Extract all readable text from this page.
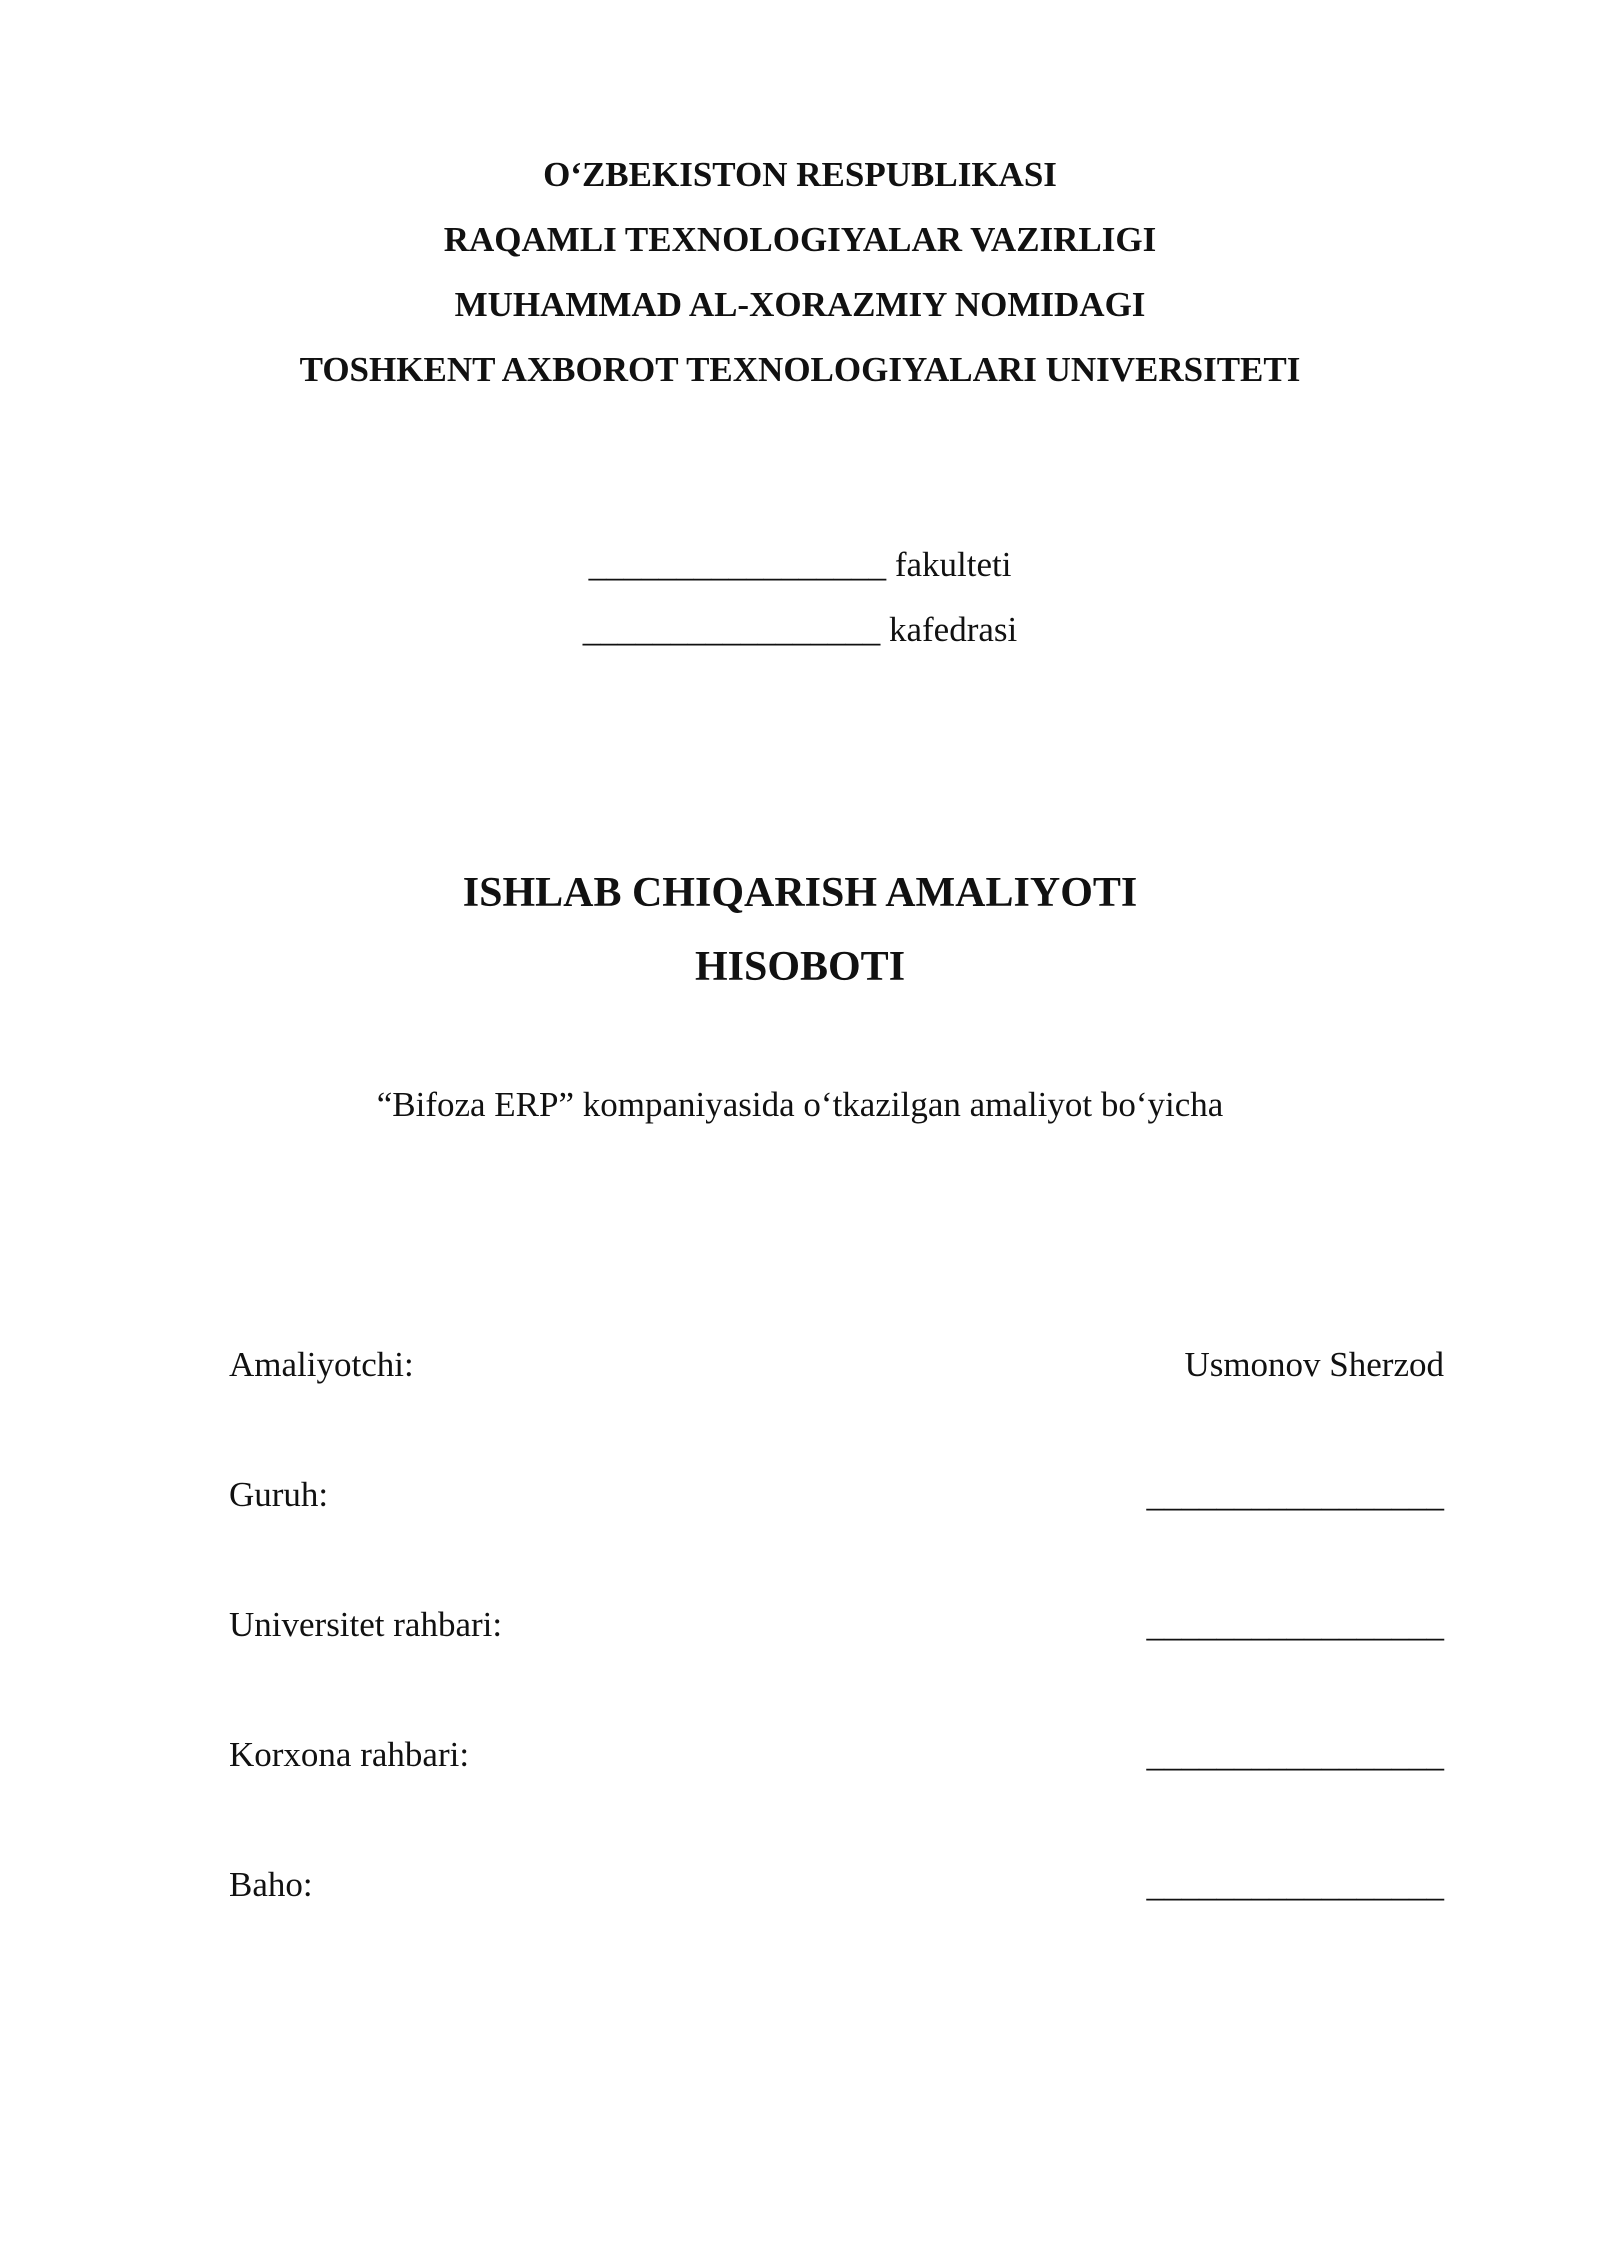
O‘ZBEKISTON RESPUBLIKASI
RAQAMLI TEXNOLOGIYALAR VAZIRLIGI
MUHAMMAD AL-XORAZMIY NOMIDAGI
TOSHKENT AXBOROT TEXNOLOGIYALARI UNIVERSITETI
_________________ fakulteti
_________________ kafedrasi
ISHLAB CHIQARISH AMALIYOTI
HISOBOTI
“Bifoza ERP” kompaniyasida o‘tkazilgan amaliyot bo‘yicha
Amaliyotchi:	Usmonov Sherzod
Guruh:	_________________
Universitet rahbari:	_________________
Korxona rahbari:	_________________
Baho:	_________________
